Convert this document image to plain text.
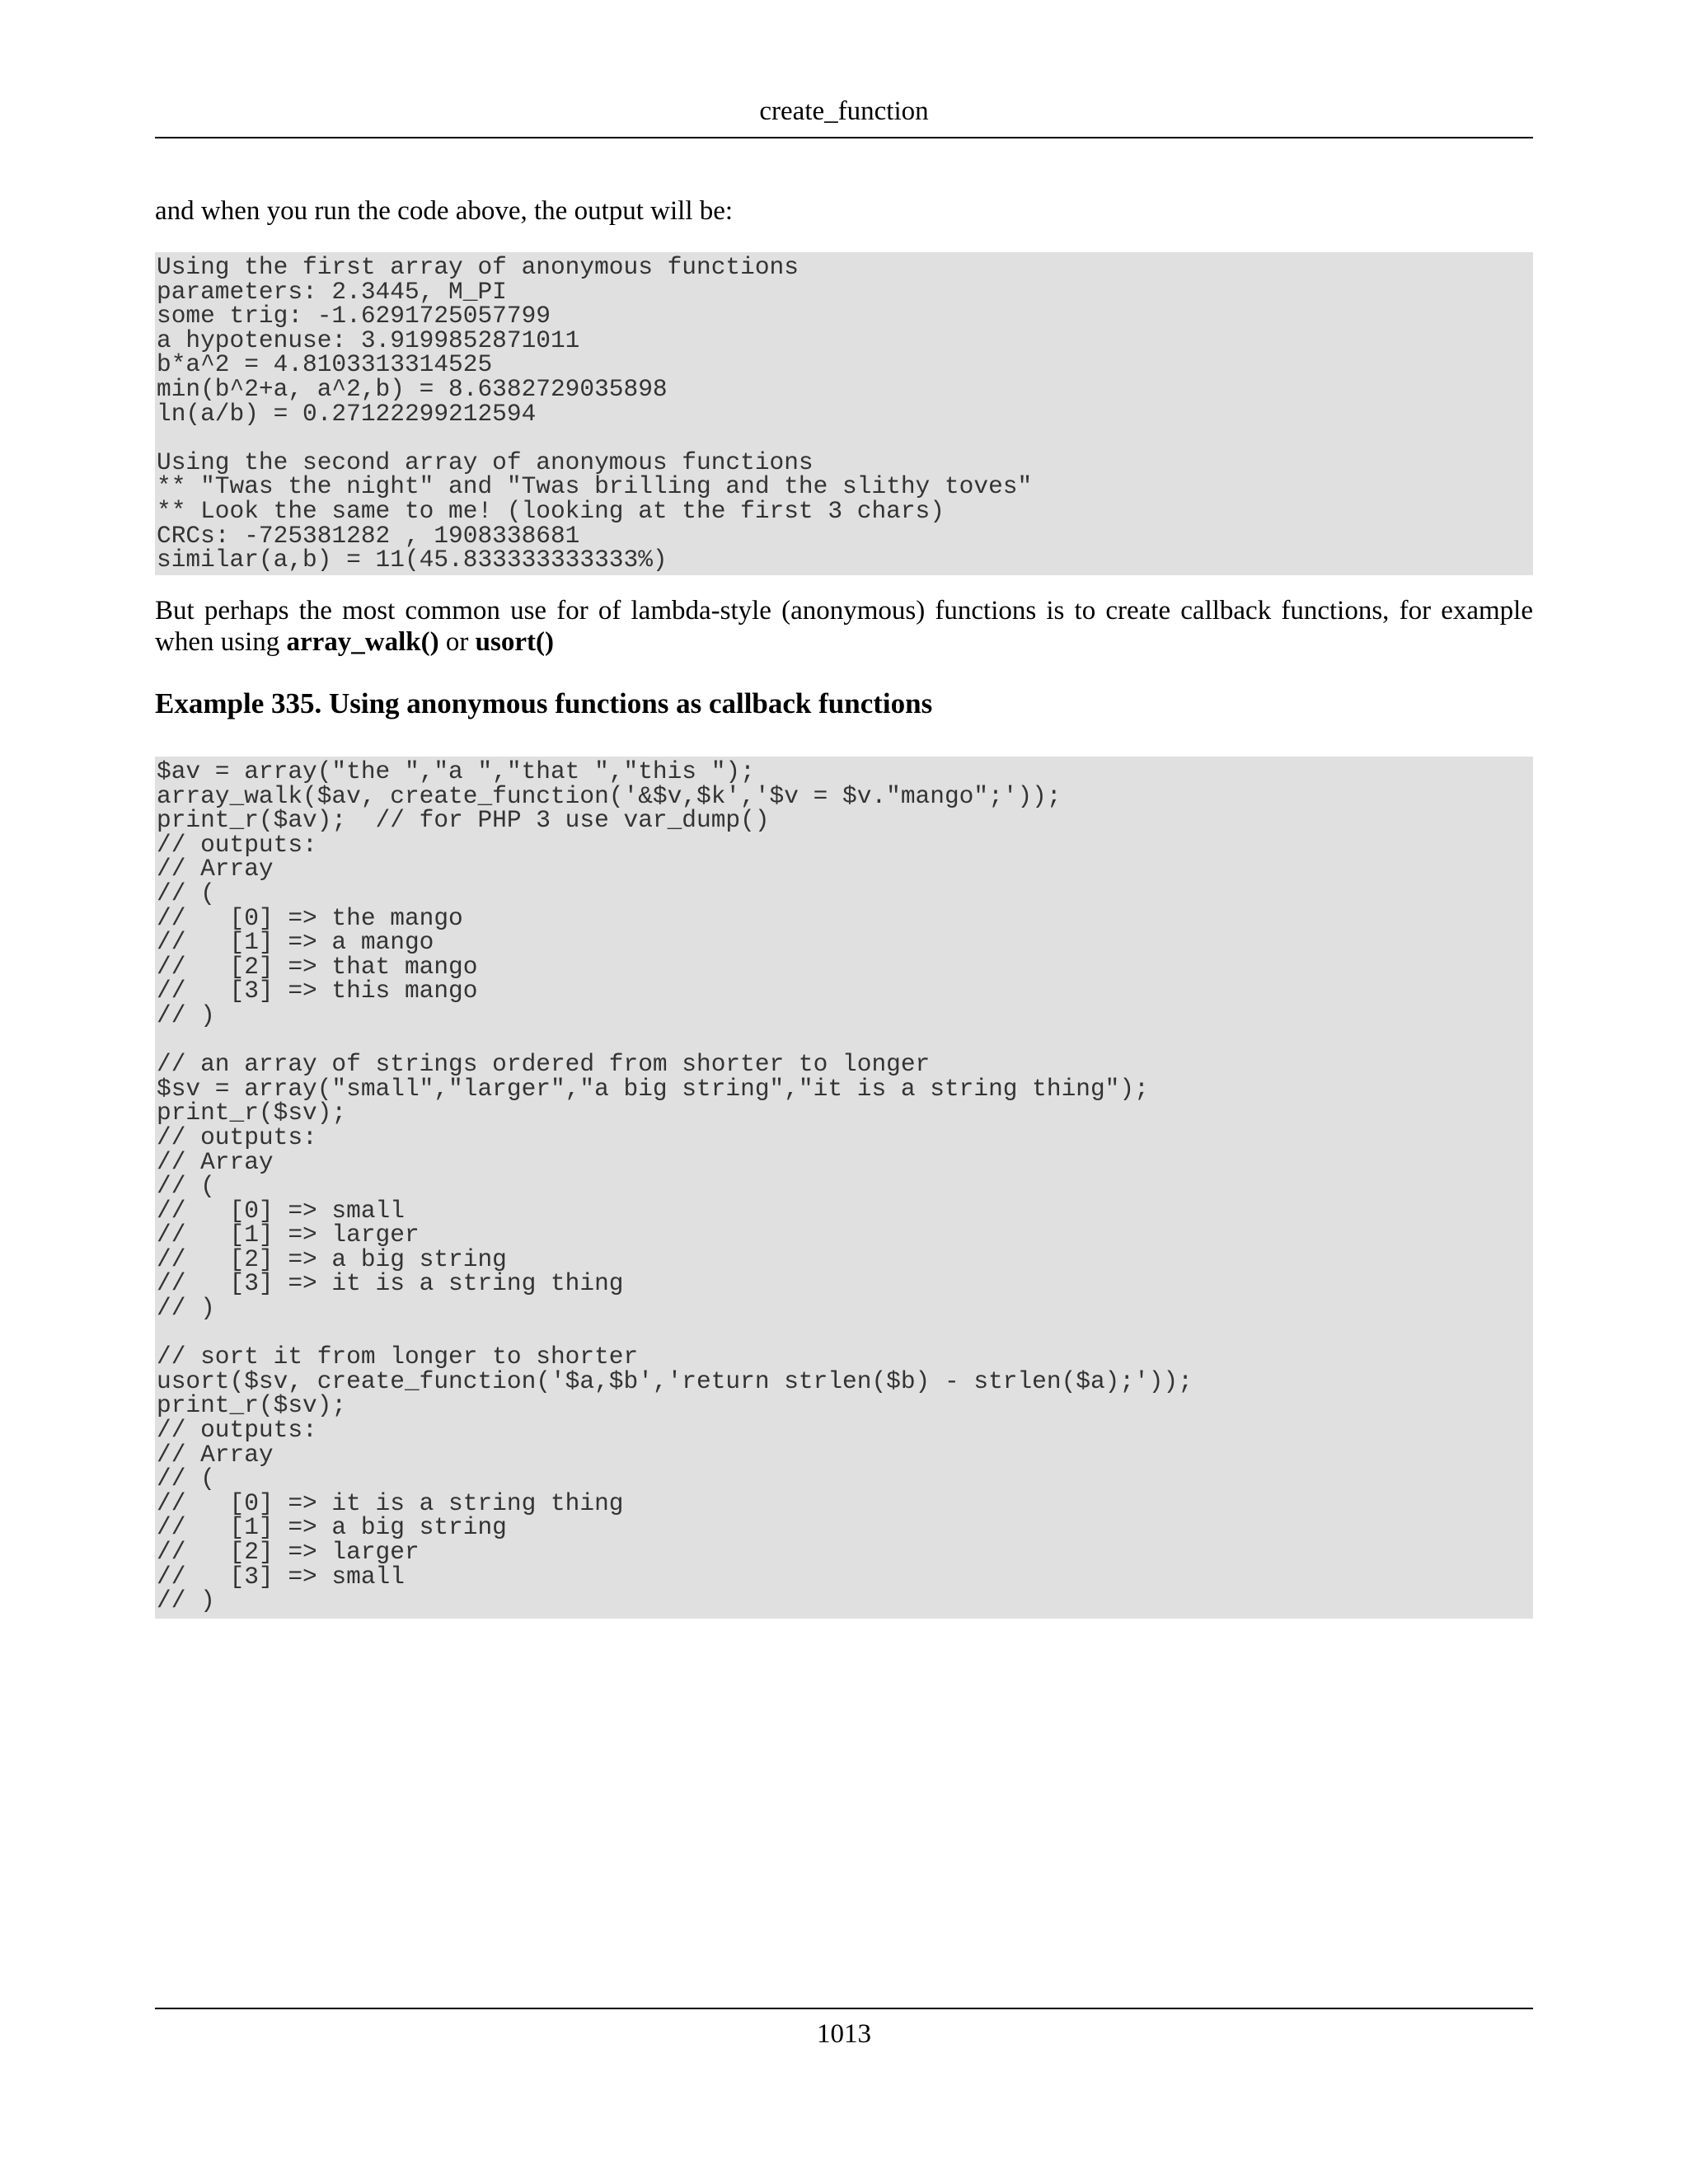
create_function
and when you run the code above, the output will be:
Using the first array of anonymous functions
parameters: 2.3445, M_PI
some trig: -1.6291725057799
a hypotenuse: 3.9199852871011
b*a^2 = 4.8103313314525
min(b^2+a, a^2,b) = 8.6382729035898
ln(a/b) = 0.27122299212594

Using the second array of anonymous functions
** "Twas the night" and "Twas brilling and the slithy toves"
** Look the same to me! (looking at the first 3 chars)
CRCs: -725381282 , 1908338681
similar(a,b) = 11(45.833333333333%)
But perhaps the most common use for of lambda-style (anonymous) functions is to create callback functions, for example when using array_walk() or usort()
Example 335. Using anonymous functions as callback functions
$av = array("the ","a ","that ","this ");
array_walk($av, create_function('&$v,$k','$v = $v."mango";'));
print_r($av);  // for PHP 3 use var_dump()
// outputs:
// Array
// (
//   [0] => the mango
//   [1] => a mango
//   [2] => that mango
//   [3] => this mango
// )

// an array of strings ordered from shorter to longer
$sv = array("small","larger","a big string","it is a string thing");
print_r($sv);
// outputs:
// Array
// (
//   [0] => small
//   [1] => larger
//   [2] => a big string
//   [3] => it is a string thing
// )

// sort it from longer to shorter
usort($sv, create_function('$a,$b','return strlen($b) - strlen($a);'));
print_r($sv);
// outputs:
// Array
// (
//   [0] => it is a string thing
//   [1] => a big string
//   [2] => larger
//   [3] => small
// )
1013
